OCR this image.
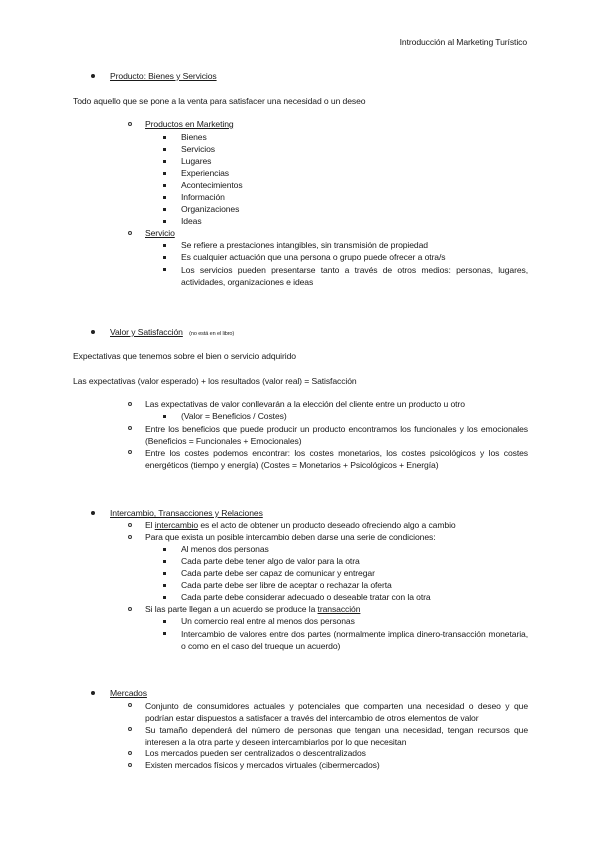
Introducción al Marketing Turístico
Producto: Bienes y Servicios
Todo aquello que se pone a la venta para satisfacer una necesidad o un deseo
Productos en Marketing
Bienes
Servicios
Lugares
Experiencias
Acontecimientos
Información
Organizaciones
Ideas
Servicio
Se refiere a prestaciones intangibles, sin transmisión de propiedad
Es cualquier actuación que una persona o grupo puede ofrecer a otra/s
Los servicios pueden presentarse tanto a través de otros medios: personas, lugares, actividades, organizaciones e ideas
Valor y Satisfacción (no está en el libro)
Expectativas que tenemos sobre el bien o servicio adquirido
Las expectativas (valor esperado) + los resultados (valor real) = Satisfacción
Las expectativas de valor conllevarán a la elección del cliente entre un producto u otro
(Valor = Beneficios / Costes)
Entre los beneficios que puede producir un producto encontramos los funcionales y los emocionales (Beneficios = Funcionales + Emocionales)
Entre los costes podemos encontrar: los costes monetarios, los costes psicológicos y los costes energéticos (tiempo y energía) (Costes = Monetarios + Psicológicos + Energía)
Intercambio, Transacciones y Relaciones
El intercambio es el acto de obtener un producto deseado ofreciendo algo a cambio
Para que exista un posible intercambio deben darse una serie de condiciones:
Al menos dos personas
Cada parte debe tener algo de valor para la otra
Cada parte debe ser capaz de comunicar y entregar
Cada parte debe ser libre de aceptar o rechazar la oferta
Cada parte debe considerar adecuado o deseable tratar con la otra
Si las parte llegan a un acuerdo se produce la transacción
Un comercio real entre al menos dos personas
Intercambio de valores entre dos partes (normalmente implica dinero-transacción monetaria, o como en el caso del trueque un acuerdo)
Mercados
Conjunto de consumidores actuales y potenciales que comparten una necesidad o deseo y que podrían estar dispuestos a satisfacer a través del intercambio de otros elementos de valor
Su tamaño dependerá del número de personas que tengan una necesidad, tengan recursos que interesen a la otra parte y deseen intercambiarlos por lo que necesitan
Los mercados pueden ser centralizados o descentralizados
Existen mercados físicos y mercados virtuales (cibermercados)
